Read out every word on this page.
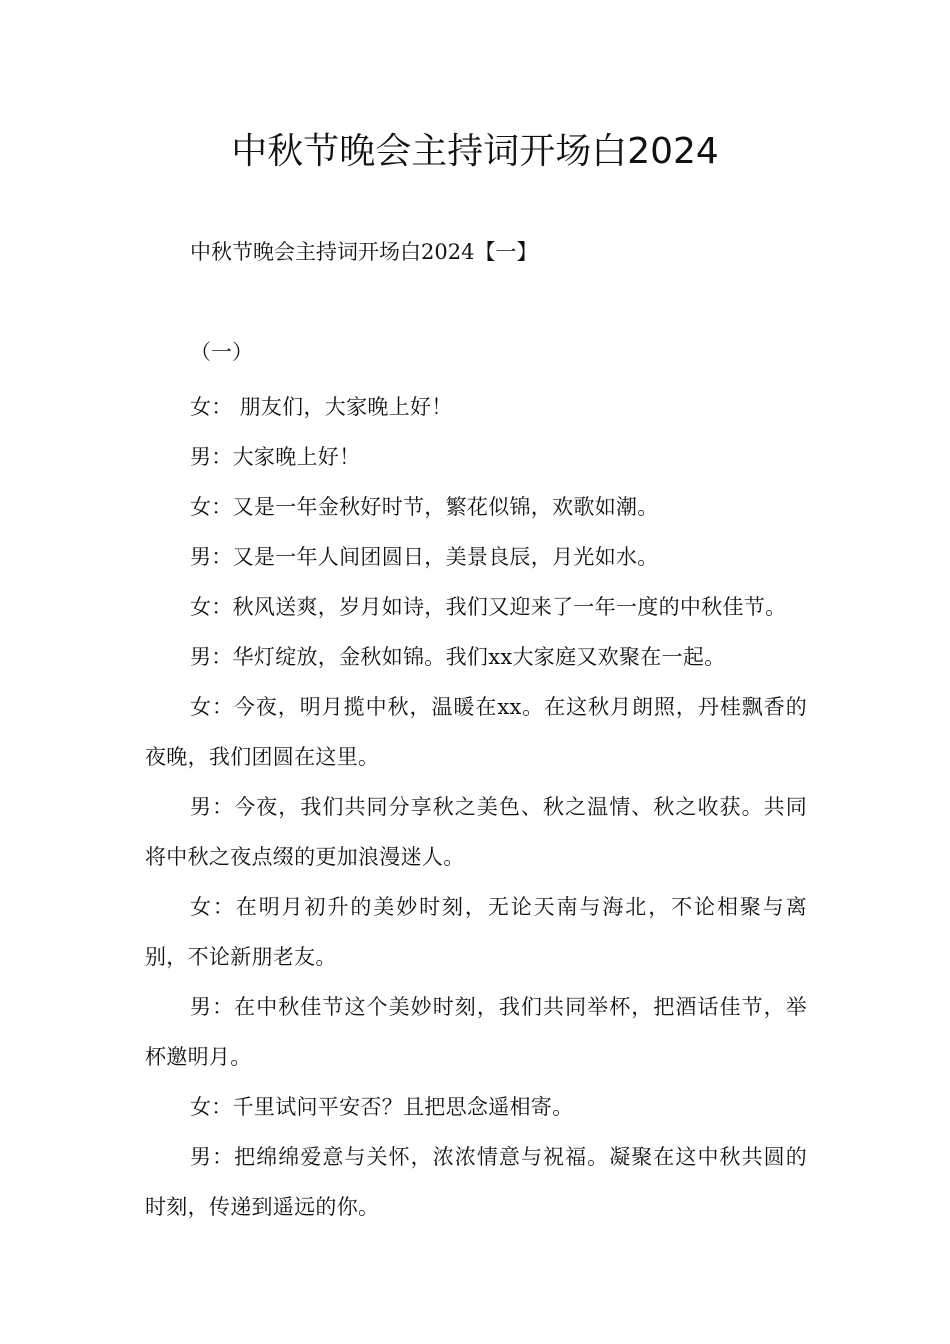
中秋节晚会主持词开场白2024

中秋节晚会主持词开场白2024【一】

（一）

女： 朋友们，大家晚上好！

男：大家晚上好！

女：又是一年金秋好时节，繁花似锦，欢歌如潮。

男：又是一年人间团圆日，美景良辰，月光如水。

女：秋风送爽，岁月如诗，我们又迎来了一年一度的中秋佳节。

男：华灯绽放，金秋如锦。我们xx大家庭又欢聚在一起。

女：今夜，明月揽中秋，温暖在xx。在这秋月朗照，丹桂飘香的夜晚，我们团圆在这里。

男：今夜，我们共同分享秋之美色、秋之温情、秋之收获。共同将中秋之夜点缀的更加浪漫迷人。

女：在明月初升的美妙时刻，无论天南与海北，不论相聚与离别，不论新朋老友。

男：在中秋佳节这个美妙时刻，我们共同举杯，把酒话佳节，举杯邀明月。

女：千里试问平安否？且把思念遥相寄。

男：把绵绵爱意与关怀，浓浓情意与祝福。凝聚在这中秋共圆的时刻，传递到遥远的你。
